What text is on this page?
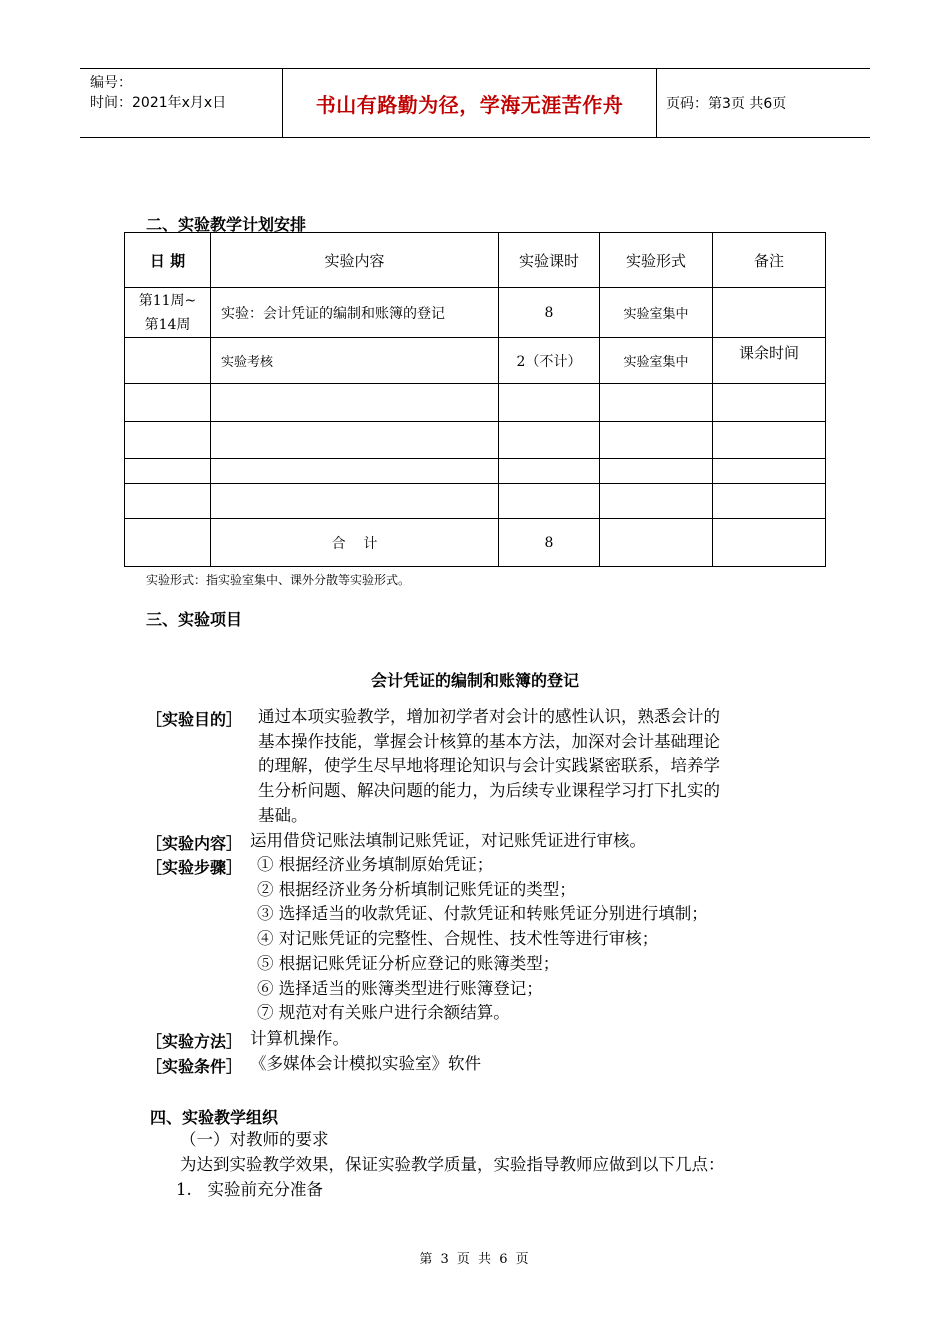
编号：
时间：2021年x月x日	书山有路勤为径，学海无涯苦作舟	页码：第3页 共6页
二、实验教学计划安排
日 期	实验内容	实验课时	实验形式	备注
第11周~
第14周	实验：会计凭证的编制和账簿的登记	8	实验室集中	
	实验考核	2（不计）	实验室集中	课余时间

	合    计	8		
实验形式：指实验室集中、课外分散等实验形式。
三、实验项目
会计凭证的编制和账簿的登记
［实验目的］ 通过本项实验教学，增加初学者对会计的感性认识，熟悉会计的
基本操作技能，掌握会计核算的基本方法，加深对会计基础理论
的理解，使学生尽早地将理论知识与会计实践紧密联系，培养学
生分析问题、解决问题的能力，为后续专业课程学习打下扎实的
基础。
［实验内容］ 运用借贷记账法填制记账凭证，对记账凭证进行审核。
［实验步骤］ ① 根据经济业务填制原始凭证；
② 根据经济业务分析填制记账凭证的类型；
③ 选择适当的收款凭证、付款凭证和转账凭证分别进行填制；
④ 对记账凭证的完整性、合规性、技术性等进行审核；
⑤ 根据记账凭证分析应登记的账簿类型；
⑥ 选择适当的账簿类型进行账簿登记；
⑦ 规范对有关账户进行余额结算。
［实验方法］ 计算机操作。
［实验条件］ 《多媒体会计模拟实验室》软件
四、实验教学组织
（一）对教师的要求
为达到实验教学效果，保证实验教学质量，实验指导教师应做到以下几点：
1.   实验前充分准备
第 3 页 共 6 页
